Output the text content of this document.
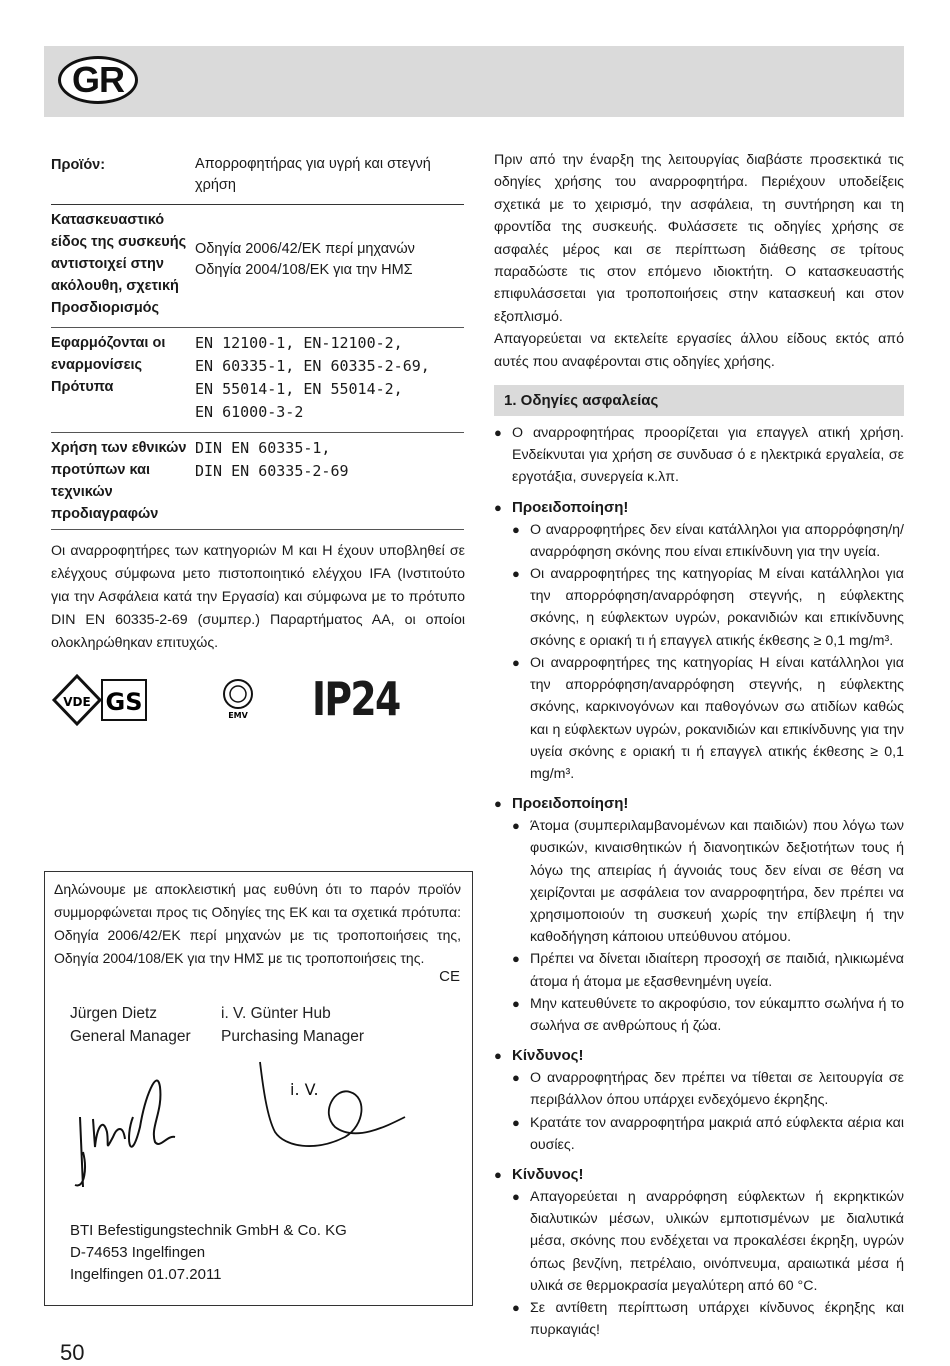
GR
Προϊόν:	Απορροφητήρας για υγρή και στεγνή χρήση
Κατασκευαστικό είδος της συσκευής αντιστοιχεί στην ακόλουθη, σχετική Προσδιορισμός
Οδηγία 2006/42/ΕΚ περί μηχανών
Οδηγία 2004/108/ΕΚ για την ΗΜΣ
Εφαρμόζονται οι εναρμονίσεις Πρότυπα
EN 12100-1, EN-12100-2,
EN 60335-1, EN 60335-2-69,
EN 55014-1, EN 55014-2,
EN 61000-3-2
Χρήση των εθνικών προτύπων και τεχνικών προδιαγραφών
DIN EN 60335-1,
DIN EN 60335-2-69
Οι αναρροφητήρες των κατηγοριών M και H έχουν υποβληθεί σε ελέγχους σύμφωνα μετο πιστοποιητικό ελέγχου IFA (Ινστιτούτο για την Ασφάλεια κατά την Εργασία) και σύμφωνα με το πρότυπο DIN EN 60335-2-69 (συμπερ.) Παραρτήματος ΑΑ, οι οποίοι ολοκληρώθηκαν επιτυχώς.
VDE GS	EMV IP24
Δηλώνουμε με αποκλειστική μας ευθύνη ότι το παρόν προϊόν συμμορφώνεται προς τις Οδηγίες της ΕΚ και τα σχετικά πρότυπα: Οδηγία 2006/42/ΕΚ περί μηχανών με τις τροποποιήσεις της, Οδηγία 2004/108/ΕΚ για την ΗΜΣ με τις τροποποιήσεις της.
CE
Jürgen Dietz
General Manager
i. V. Günter Hub
Purchasing Manager
i. V.
BTI Befestigungstechnik GmbH & Co. KG
D-74653 Ingelfingen
Ingelfingen 01.07.2011

Πριν από την έναρξη της λειτουργίας διαβάστε προσεκτικά τις οδηγίες χρήσης του αναρροφητήρα. Περιέχουν υποδείξεις σχετικά με το χειρισμό, την ασφάλεια, τη συντήρηση και τη φροντίδα της συσκευής. Φυλάσσετε τις οδηγίες χρήσης σε ασφαλές μέρος και σε περίπτωση διάθεσης σε τρίτους παραδώστε τις στον επόμενο ιδιοκτήτη. Ο κατασκευαστής επιφυλάσσεται για τροποποιήσεις στην κατασκευή και στον εξοπλισμό.

Απαγορεύεται να εκτελείτε εργασίες άλλου είδους εκτός από αυτές που αναφέρονται στις οδηγίες χρήσης.

1. Οδηγίες ασφαλείας
● Ο αναρροφητήρας προορίζεται για επαγγελ ατική χρήση. Ενδείκνυται για χρήση σε συνδυασ ό ε ηλεκτρικά εργαλεία, σε εργοτάξια, συνεργεία κ.λπ.
● Προειδοποίηση!
● Ο αναρροφητήρες δεν είναι κατάλληλοι για απορρόφηση/η/αναρρόφηση σκόνης που είναι επικίνδυνη για την υγεία.
● Οι αναρροφητήρες της κατηγορίας M είναι κατάλληλοι για την απορρόφηση/αναρρόφηση στεγνής, η εύφλεκτης σκόνης, η εύφλεκτων υγρών, ροκανιδιών και επικίνδυνης σκόνης ε οριακή τι ή επαγγελ ατικής έκθεσης ≥ 0,1 mg/m³.
● Οι αναρροφητήρες της κατηγορίας H είναι κατάλληλοι για την απορρόφηση/αναρρόφηση στεγνής, η εύφλεκτης σκόνης, καρκινογόνων και παθογόνων σω ατιδίων καθώς και η εύφλεκτων υγρών, ροκανιδιών και επικίνδυνης για την υγεία σκόνης ε οριακή τι ή επαγγελ ατικής έκθεσης ≥ 0,1 mg/m³.
● Προειδοποίηση!
● Άτομα (συμπεριλαμβανομένων και παιδιών) που λόγω των φυσικών, κιναισθητικών ή διανοητικών δεξιοτήτων τους ή λόγω της απειρίας ή άγνοιάς τους δεν είναι σε θέση να χειρίζονται με ασφάλεια τον αναρροφητήρα, δεν πρέπει να χρησιμοποιούν τη συσκευή χωρίς την επίβλεψη ή την καθοδήγηση κάποιου υπεύθυνου ατόμου.
● Πρέπει να δίνεται ιδιαίτερη προσοχή σε παιδιά, ηλικιωμένα άτομα ή άτομα με εξασθενημένη υγεία.
● Μην κατευθύνετε το ακροφύσιο, τον εύκαμπτο σωλήνα ή το σωλήνα σε ανθρώπους ή ζώα.
● Κίνδυνος!
● Ο αναρροφητήρας δεν πρέπει να τίθεται σε λειτουργία σε περιβάλλον όπου υπάρχει ενδεχόμενο έκρηξης.
● Κρατάτε τον αναρροφητήρα μακριά από εύφλεκτα αέρια και ουσίες.
● Κίνδυνος!
● Απαγορεύεται η αναρρόφηση εύφλεκτων ή εκρηκτικών διαλυτικών μέσων, υλικών εμποτισμένων με διαλυτικά μέσα, σκόνης που ενδέχεται να προκαλέσει έκρηξη, υγρών όπως βενζίνη, πετρέλαιο, οινόπνευμα, αραιωτικά μέσα ή υλικά σε θερμοκρασία μεγαλύτερη από 60 °C.
● Σε αντίθετη περίπτωση υπάρχει κίνδυνος έκρηξης και πυρκαγιάς!
50
